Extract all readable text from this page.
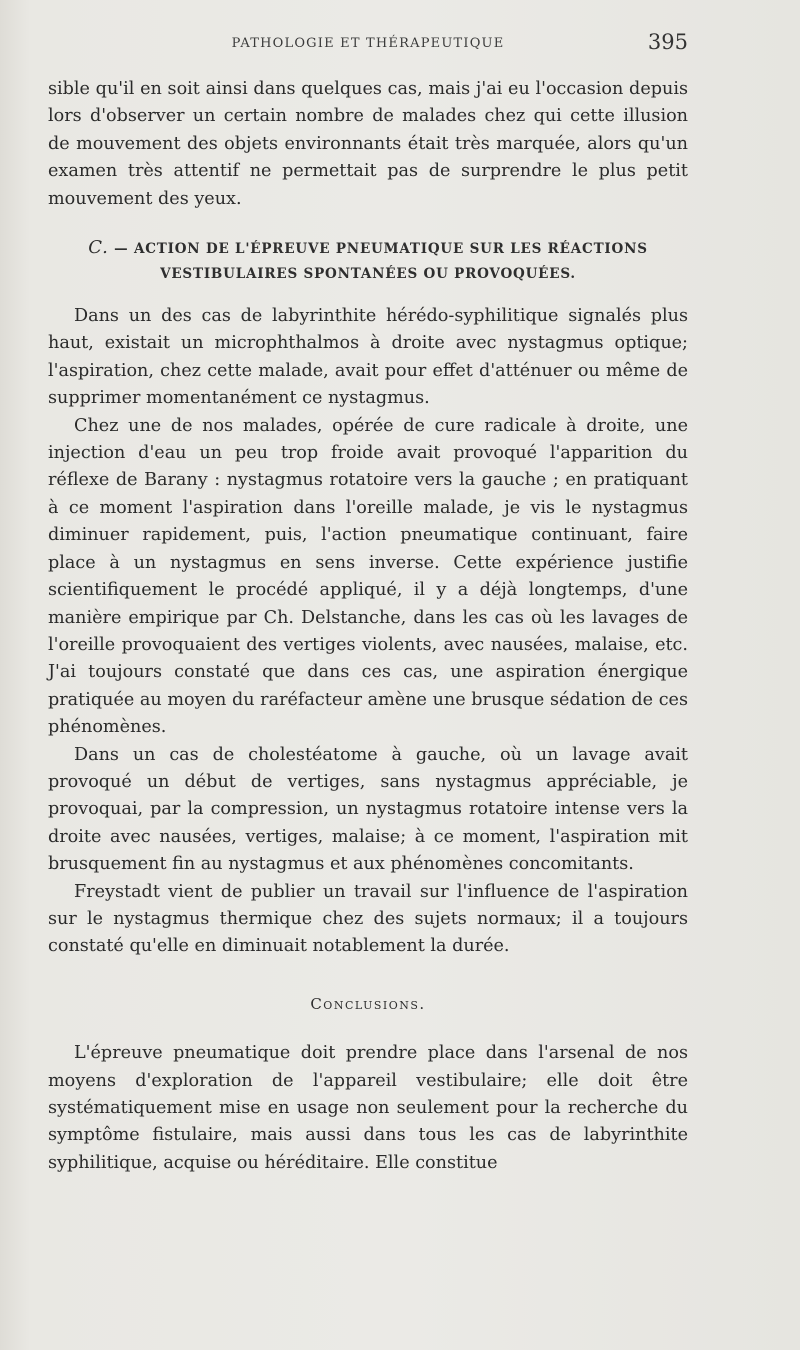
PATHOLOGIE ET THÉRAPEUTIQUE	395

sible qu'il en soit ainsi dans quelques cas, mais j'ai eu l'occasion depuis lors d'observer un certain nombre de malades chez qui cette illusion de mouvement des objets environnants était très marquée, alors qu'un examen très attentif ne permettait pas de surprendre le plus petit mouvement des yeux.

C. — ACTION DE L'ÉPREUVE PNEUMATIQUE SUR LES RÉACTIONS
VESTIBULAIRES SPONTANÉES OU PROVOQUÉES.

Dans un des cas de labyrinthite hérédo-syphilitique signalés plus haut, existait un microphthalmos à droite avec nystagmus optique; l'aspiration, chez cette malade, avait pour effet d'atténuer ou même de supprimer momentanément ce nystagmus.

Chez une de nos malades, opérée de cure radicale à droite, une injection d'eau un peu trop froide avait provoqué l'apparition du réflexe de Barany : nystagmus rotatoire vers la gauche ; en pratiquant à ce moment l'aspiration dans l'oreille malade, je vis le nystagmus diminuer rapidement, puis, l'action pneumatique continuant, faire place à un nystagmus en sens inverse. Cette expérience justifie scientifiquement le procédé appliqué, il y a déjà longtemps, d'une manière empirique par Ch. Delstanche, dans les cas où les lavages de l'oreille provoquaient des vertiges violents, avec nausées, malaise, etc. J'ai toujours constaté que dans ces cas, une aspiration énergique pratiquée au moyen du raréfacteur amène une brusque sédation de ces phénomènes.

Dans un cas de cholestéatome à gauche, où un lavage avait provoqué un début de vertiges, sans nystagmus appréciable, je provoquai, par la compression, un nystagmus rotatoire intense vers la droite avec nausées, vertiges, malaise; à ce moment, l'aspiration mit brusquement fin au nystagmus et aux phénomènes concomitants.

Freystadt vient de publier un travail sur l'influence de l'aspiration sur le nystagmus thermique chez des sujets normaux; il a toujours constaté qu'elle en diminuait notablement la durée.

Conclusions.

L'épreuve pneumatique doit prendre place dans l'arsenal de nos moyens d'exploration de l'appareil vestibulaire; elle doit être systématiquement mise en usage non seulement pour la recherche du symptôme fistulaire, mais aussi dans tous les cas de labyrinthite syphilitique, acquise ou héréditaire. Elle constitue
